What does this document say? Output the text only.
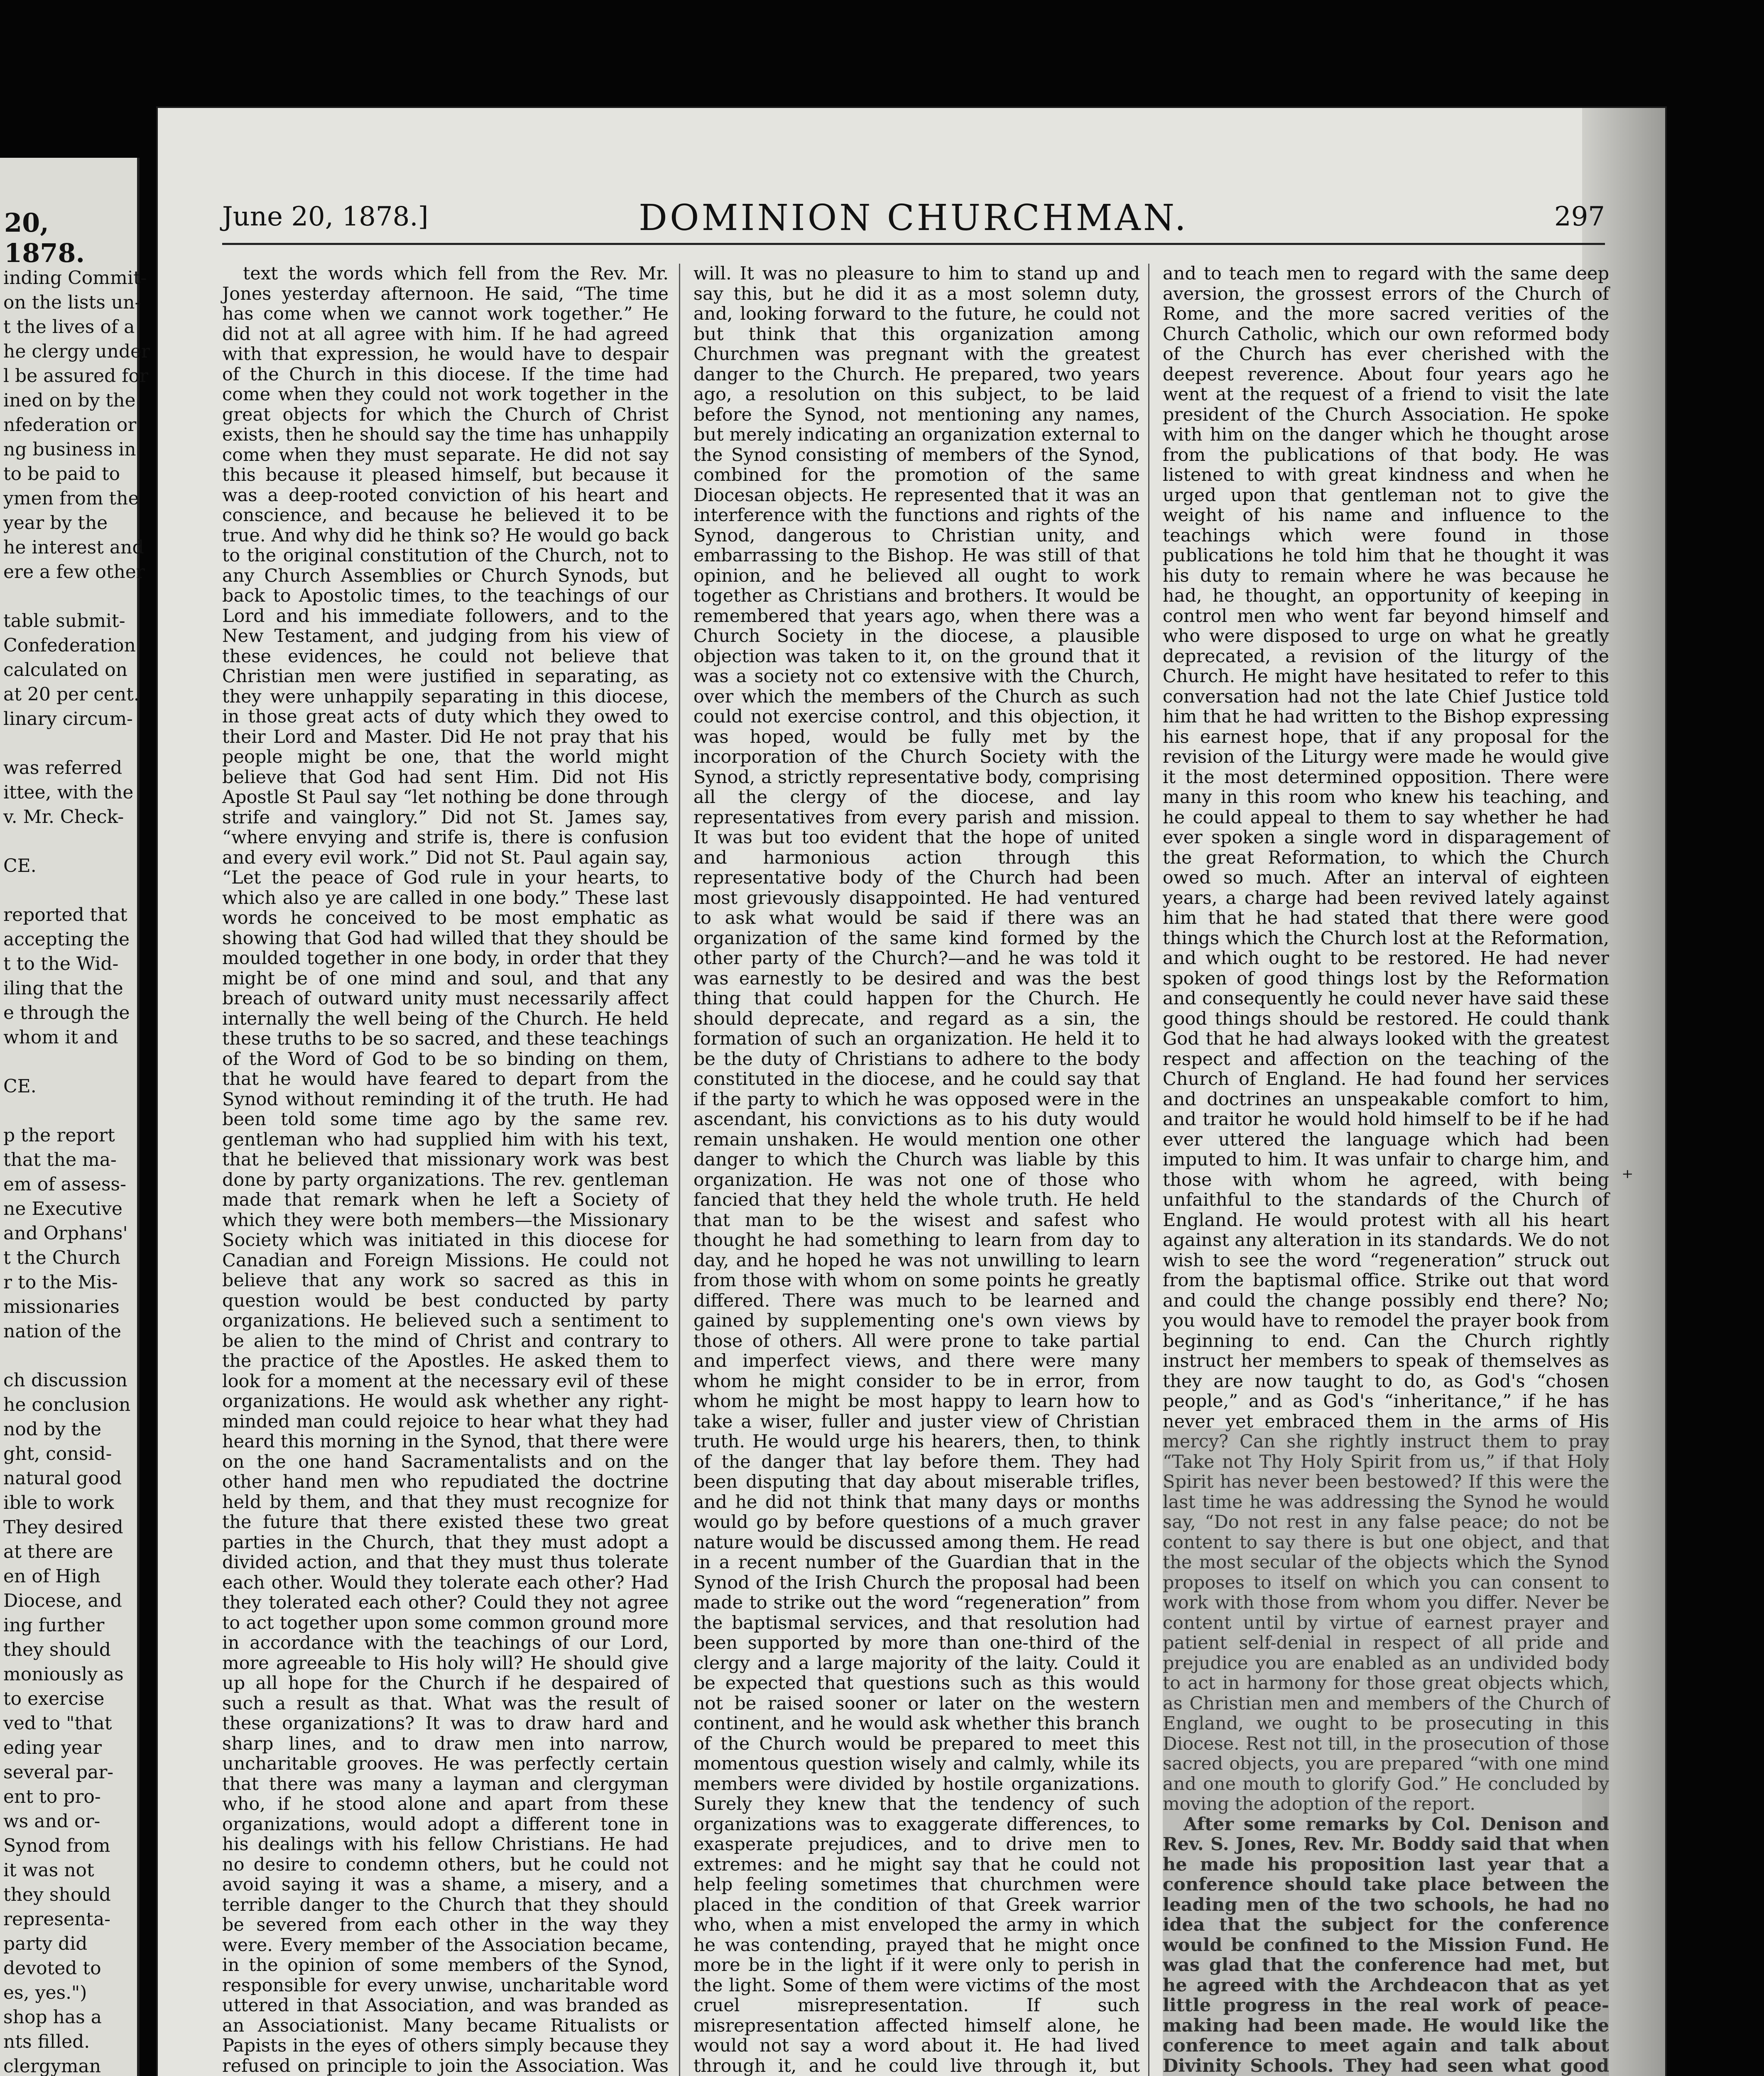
20, 1878.
inding Commit-
on the lists un-
t the lives of a
he clergy under
l be assured for
ined on by the
nfederation or
ng business in
to be paid to
ymen from the
year by the
he interest and
ere a few other

table submit-
Confederation
calculated on
at 20 per cent.
linary circum-

was referred
ittee, with the
v. Mr. Check-

CE.

reported that
accepting the
t to the Wid-
iling that the
e through the
whom it and

CE.

p the report
that the ma-
em of assess-
ne Executive
and Orphans'
t the Church
r to the Mis-
missionaries
nation of the

ch discussion
he conclusion
nod by the
ght, consid-
natural good
ible to work
They desired
at there are
en of High
Diocese, and
ing further
they should
moniously as
to exercise
ved to "that
eding year
several par-
ent to pro-
ws and or-
Synod from
it was not
they should
representa-
party did
devoted to
es, yes.")
shop has a
nts filled.
clergyman

June 20, 1878.]	DOMINION CHURCHMAN.	297

text the words which fell from the Rev. Mr. Jones yesterday afternoon. He said, “The time has come when we cannot work together.” He did not at all agree with him. If he had agreed with that expression, he would have to despair of the Church in this diocese. If the time had come when they could not work together in the great objects for which the Church of Christ exists, then he should say the time has unhappily come when they must separate. He did not say this because it pleased himself, but because it was a deep-rooted conviction of his heart and conscience, and because he believed it to be true. And why did he think so? He would go back to the original constitution of the Church, not to any Church Assemblies or Church Synods, but back to Apostolic times, to the teachings of our Lord and his immediate followers, and to the New Testament, and judging from his view of these evidences, he could not believe that Christian men were justified in separating, as they were unhappily separating in this diocese, in those great acts of duty which they owed to their Lord and Master. Did He not pray that his people might be one, that the world might believe that God had sent Him. Did not His Apostle St Paul say “let nothing be done through strife and vainglory.” Did not St. James say, “where envying and strife is, there is confusion and every evil work.” Did not St. Paul again say, “Let the peace of God rule in your hearts, to which also ye are called in one body.” These last words he conceived to be most emphatic as showing that God had willed that they should be moulded together in one body, in order that they might be of one mind and soul, and that any breach of outward unity must necessarily affect internally the well being of the Church. He held these truths to be so sacred, and these teachings of the Word of God to be so binding on them, that he would have feared to depart from the Synod without reminding it of the truth. He had been told some time ago by the same rev. gentleman who had supplied him with his text, that he believed that missionary work was best done by party organizations. The rev. gentleman made that remark when he left a Society of which they were both members—the Missionary Society which was initiated in this diocese for Canadian and Foreign Missions. He could not believe that any work so sacred as this in question would be best conducted by party organizations. He believed such a sentiment to be alien to the mind of Christ and contrary to the practice of the Apostles. He asked them to look for a moment at the necessary evil of these organizations. He would ask whether any right-minded man could rejoice to hear what they had heard this morning in the Synod, that there were on the one hand Sacramentalists and on the other hand men who repudiated the doctrine held by them, and that they must recognize for the future that there existed these two great parties in the Church, that they must adopt a divided action, and that they must thus tolerate each other. Would they tolerate each other? Had they tolerated each other? Could they not agree to act together upon some common ground more in accordance with the teachings of our Lord, more agreeable to His holy will? He should give up all hope for the Church if he despaired of such a result as that. What was the result of these organizations? It was to draw hard and sharp lines, and to draw men into narrow, uncharitable grooves. He was perfectly certain that there was many a layman and clergyman who, if he stood alone and apart from these organizations, would adopt a different tone in his dealings with his fellow Christians. He had no desire to condemn others, but he could not avoid saying it was a shame, a misery, and a terrible danger to the Church that they should be severed from each other in the way they were. Every member of the Association became, in the opinion of some members of the Synod, responsible for every unwise, uncharitable word uttered in that Association, and was branded as an Associationist. Many became Ritualists or Papists in the eyes of others simply because they refused on principle to join the Association. Was

will. It was no pleasure to him to stand up and say this, but he did it as a most solemn duty, and, looking forward to the future, he could not but think that this organization among Churchmen was pregnant with the greatest danger to the Church. He prepared, two years ago, a resolution on this subject, to be laid before the Synod, not mentioning any names, but merely indicating an organization external to the Synod consisting of members of the Synod, combined for the promotion of the same Diocesan objects. He represented that it was an interference with the functions and rights of the Synod, dangerous to Christian unity, and embarrassing to the Bishop. He was still of that opinion, and he believed all ought to work together as Christians and brothers. It would be remembered that years ago, when there was a Church Society in the diocese, a plausible objection was taken to it, on the ground that it was a society not co extensive with the Church, over which the members of the Church as such could not exercise control, and this objection, it was hoped, would be fully met by the incorporation of the Church Society with the Synod, a strictly representative body, comprising all the clergy of the diocese, and lay representatives from every parish and mission. It was but too evident that the hope of united and harmonious action through this representative body of the Church had been most grievously disappointed. He had ventured to ask what would be said if there was an organization of the same kind formed by the other party of the Church?—and he was told it was earnestly to be desired and was the best thing that could happen for the Church. He should deprecate, and regard as a sin, the formation of such an organization. He held it to be the duty of Christians to adhere to the body constituted in the diocese, and he could say that if the party to which he was opposed were in the ascendant, his convictions as to his duty would remain unshaken. He would mention one other danger to which the Church was liable by this organization. He was not one of those who fancied that they held the whole truth. He held that man to be the wisest and safest who thought he had something to learn from day to day, and he hoped he was not unwilling to learn from those with whom on some points he greatly differed. There was much to be learned and gained by supplementing one's own views by those of others. All were prone to take partial and imperfect views, and there were many whom he might consider to be in error, from whom he might be most happy to learn how to take a wiser, fuller and juster view of Christian truth. He would urge his hearers, then, to think of the danger that lay before them. They had been disputing that day about miserable trifles, and he did not think that many days or months would go by before questions of a much graver nature would be discussed among them. He read in a recent number of the Guardian that in the Synod of the Irish Church the proposal had been made to strike out the word “regeneration” from the baptismal services, and that resolution had been supported by more than one-third of the clergy and a large majority of the laity. Could it be expected that questions such as this would not be raised sooner or later on the western continent, and he would ask whether this branch of the Church would be prepared to meet this momentous question wisely and calmly, while its members were divided by hostile organizations. Surely they knew that the tendency of such organizations was to exaggerate differences, to exasperate prejudices, and to drive men to extremes: and he might say that he could not help feeling sometimes that churchmen were placed in the condition of that Greek warrior who, when a mist enveloped the army in which he was contending, prayed that he might once more be in the light if it were only to perish in the light. Some of them were victims of the most cruel misrepresentation. If such misrepresentation affected himself alone, he would not say a word about it. He had lived through it, and he could live through it, but

and to teach men to regard with the same deep aversion, the grossest errors of the Church of Rome, and the more sacred verities of the Church Catholic, which our own reformed body of the Church has ever cherished with the deepest reverence. About four years ago he went at the request of a friend to visit the late president of the Church Association. He spoke with him on the danger which he thought arose from the publications of that body. He was listened to with great kindness and when he urged upon that gentleman not to give the weight of his name and influence to the teachings which were found in those publications he told him that he thought it was his duty to remain where he was because he had, he thought, an opportunity of keeping in control men who went far beyond himself and who were disposed to urge on what he greatly deprecated, a revision of the liturgy of the Church. He might have hesitated to refer to this conversation had not the late Chief Justice told him that he had written to the Bishop expressing his earnest hope, that if any proposal for the revision of the Liturgy were made he would give it the most determined opposition. There were many in this room who knew his teaching, and he could appeal to them to say whether he had ever spoken a single word in disparagement of the great Reformation, to which the Church owed so much. After an interval of eighteen years, a charge had been revived lately against him that he had stated that there were good things which the Church lost at the Reformation, and which ought to be restored. He had never spoken of good things lost by the Reformation and consequently he could never have said these good things should be restored. He could thank God that he had always looked with the greatest respect and affection on the teaching of the Church of England. He had found her services and doctrines an unspeakable comfort to him, and traitor he would hold himself to be if he had ever uttered the language which had been imputed to him. It was unfair to charge him, and those with whom he agreed, with being unfaithful to the standards of the Church of England. He would protest with all his heart against any alteration in its standards. We do not wish to see the word “regeneration” struck out from the baptismal office. Strike out that word and could the change possibly end there? No; you would have to remodel the prayer book from beginning to end. Can the Church rightly instruct her members to speak of themselves as they are now taught to do, as God's “chosen people,” and as God's “inheritance,” if he has never yet embraced them in the arms of His mercy? Can she rightly instruct them to pray “Take not Thy Holy Spirit from us,” if that Holy Spirit has never been bestowed? If this were the last time he was addressing the Synod he would say, “Do not rest in any false peace; do not be content to say there is but one object, and that the most secular of the objects which the Synod proposes to itself on which you can consent to work with those from whom you differ. Never be content until by virtue of earnest prayer and patient self-denial in respect of all pride and prejudice you are enabled as an undivided body to act in harmony for those great objects which, as Christian men and members of the Church of England, we ought to be prosecuting in this Diocese. Rest not till, in the prosecution of those sacred objects, you are prepared “with one mind and one mouth to glorify God.” He concluded by moving the adoption of the report.

After some remarks by Col. Denison and Rev. S. Jones, Rev. Mr. Boddy said that when he made his proposition last year that a conference should take place between the leading men of the two schools, he had no idea that the subject for the conference would be confined to the Mission Fund. He was glad that the conference had met, but he agreed with the Archdeacon that as yet little progress in the real work of peace-making had been made. He would like the conference to meet again and talk about Divinity Schools. They had seen what good

⁺
